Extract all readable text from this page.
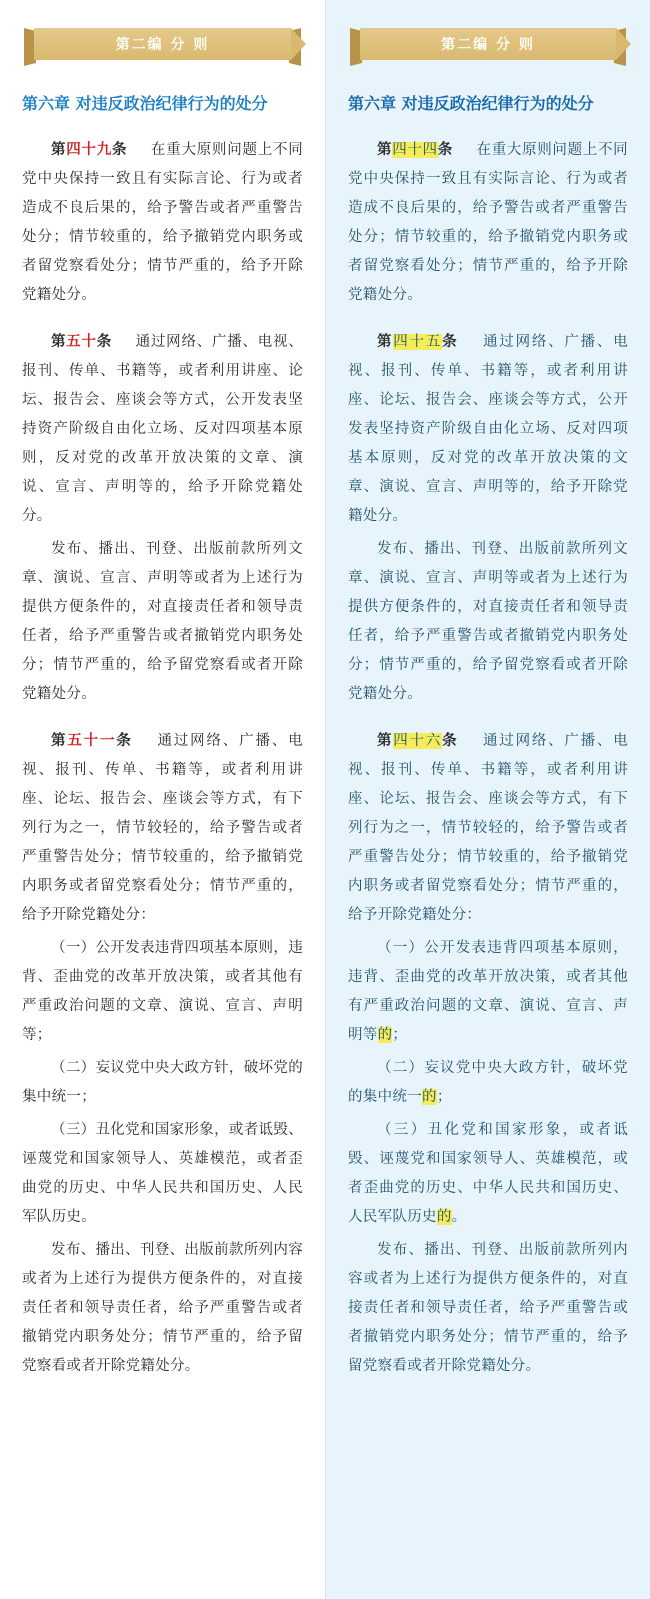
第二编 分 则
第六章 对违反政治纪律行为的处分

第四十九条 在重大原则问题上不同党中央保持一致且有实际言论、行为或者造成不良后果的，给予警告或者严重警告处分；情节较重的，给予撤销党内职务或者留党察看处分；情节严重的，给予开除党籍处分。

第五十条 通过网络、广播、电视、报刊、传单、书籍等，或者利用讲座、论坛、报告会、座谈会等方式，公开发表坚持资产阶级自由化立场、反对四项基本原则，反对党的改革开放决策的文章、演说、宣言、声明等的，给予开除党籍处分。

发布、播出、刊登、出版前款所列文章、演说、宣言、声明等或者为上述行为提供方便条件的，对直接责任者和领导责任者，给予严重警告或者撤销党内职务处分；情节严重的，给予留党察看或者开除党籍处分。

第五十一条 通过网络、广播、电视、报刊、传单、书籍等，或者利用讲座、论坛、报告会、座谈会等方式，有下列行为之一，情节较轻的，给予警告或者严重警告处分；情节较重的，给予撤销党内职务或者留党察看处分；情节严重的，给予开除党籍处分：

（一）公开发表违背四项基本原则，违背、歪曲党的改革开放决策，或者其他有严重政治问题的文章、演说、宣言、声明等；

（二）妄议党中央大政方针，破坏党的集中统一；

（三）丑化党和国家形象，或者诋毁、诬蔑党和国家领导人、英雄模范，或者歪曲党的历史、中华人民共和国历史、人民军队历史。

发布、播出、刊登、出版前款所列内容或者为上述行为提供方便条件的，对直接责任者和领导责任者，给予严重警告或者撤销党内职务处分；情节严重的，给予留党察看或者开除党籍处分。

第二编 分 则
第六章 对违反政治纪律行为的处分

第四十四条 在重大原则问题上不同党中央保持一致且有实际言论、行为或者造成不良后果的，给予警告或者严重警告处分；情节较重的，给予撤销党内职务或者留党察看处分；情节严重的，给予开除党籍处分。

第四十五条 通过网络、广播、电视、报刊、传单、书籍等，或者利用讲座、论坛、报告会、座谈会等方式，公开发表坚持资产阶级自由化立场、反对四项基本原则，反对党的改革开放决策的文章、演说、宣言、声明等的，给予开除党籍处分。

发布、播出、刊登、出版前款所列文章、演说、宣言、声明等或者为上述行为提供方便条件的，对直接责任者和领导责任者，给予严重警告或者撤销党内职务处分；情节严重的，给予留党察看或者开除党籍处分。

第四十六条 通过网络、广播、电视、报刊、传单、书籍等，或者利用讲座、论坛、报告会、座谈会等方式，有下列行为之一，情节较轻的，给予警告或者严重警告处分；情节较重的，给予撤销党内职务或者留党察看处分；情节严重的，给予开除党籍处分：

（一）公开发表违背四项基本原则，违背、歪曲党的改革开放决策，或者其他有严重政治问题的文章、演说、宣言、声明等的；

（二）妄议党中央大政方针，破坏党的集中统一的；

（三）丑化党和国家形象，或者诋毁、诬蔑党和国家领导人、英雄模范，或者歪曲党的历史、中华人民共和国历史、人民军队历史的。

发布、播出、刊登、出版前款所列内容或者为上述行为提供方便条件的，对直接责任者和领导责任者，给予严重警告或者撤销党内职务处分；情节严重的，给予留党察看或者开除党籍处分。
